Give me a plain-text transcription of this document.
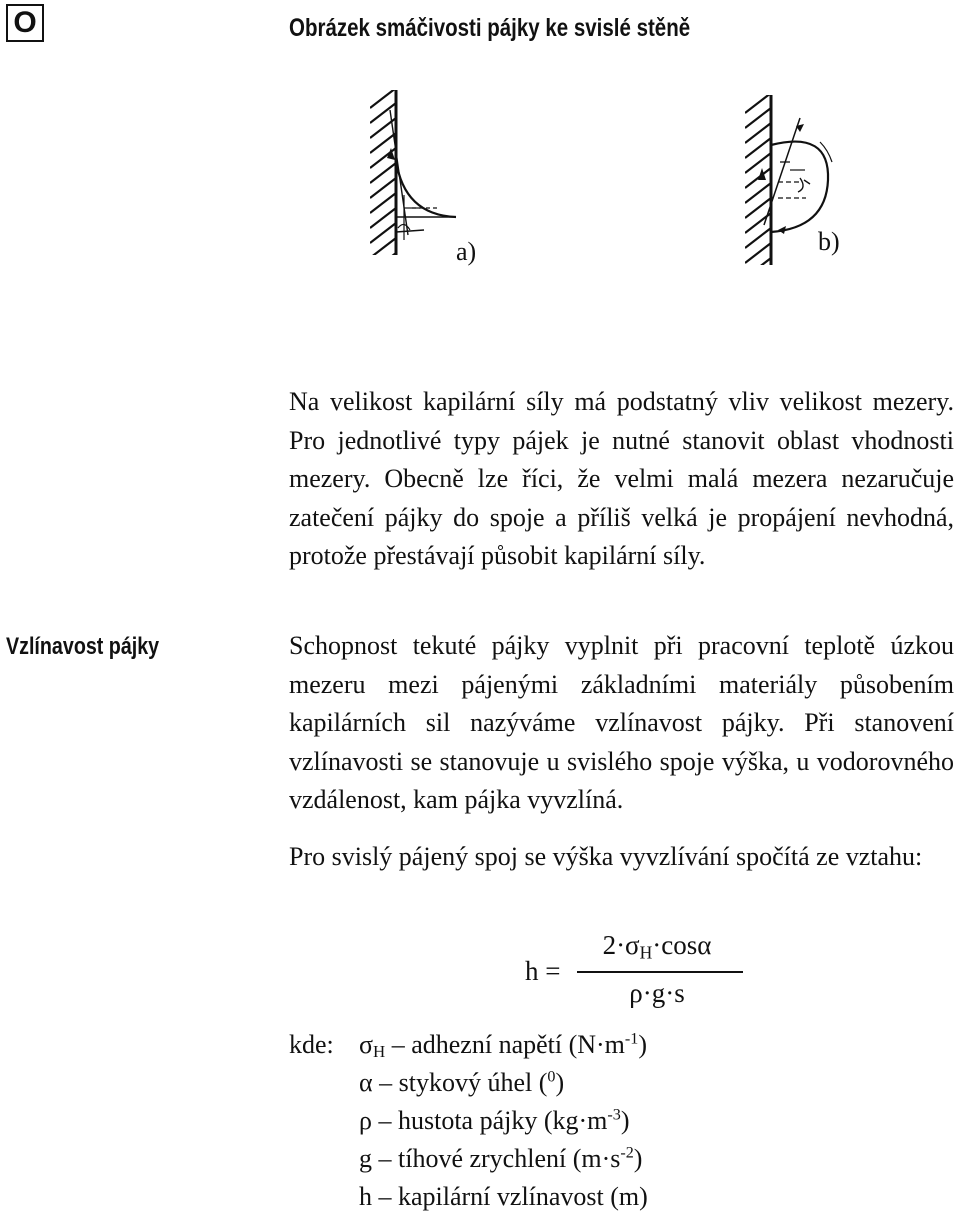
O	Obrázek smáčivosti pájky ke svislé stěně
a)	b)
Vzlínavost pájky
Na velikost kapilární síly má podstatný vliv velikost mezery. Pro jednotlivé typy pájek je nutné stanovit oblast vhodnosti mezery. Obecně lze říci, že velmi malá mezera nezaručuje zatečení pájky do spoje a příliš velká je propájení nevhodná, protože přestávají působit kapilární síly.
Schopnost tekuté pájky vyplnit při pracovní teplotě úzkou mezeru mezi pájenými základními materiály působením kapilárních sil nazýváme vzlínavost pájky. Při stanovení vzlínavosti se stanovuje u svislého spoje výška, u vodorovného vzdálenost, kam pájka vyvzlíná.
Pro svislý pájený spoj se výška vyvzlívání spočítá ze vztahu:
h =
$2\cdot\sigma_H\cdot\cos\alpha$
ρ·g·s
kde: $\sigma_H$ – adhezní napětí $(N\cdot m^{-1})$
α – stykový úhel ($^0$)
ρ – hustota pájky $(kg\cdot m^{-3})$
g – tíhové zrychlení $(m\cdot s^{-2})$
h – kapilární vzlínavost (m)
